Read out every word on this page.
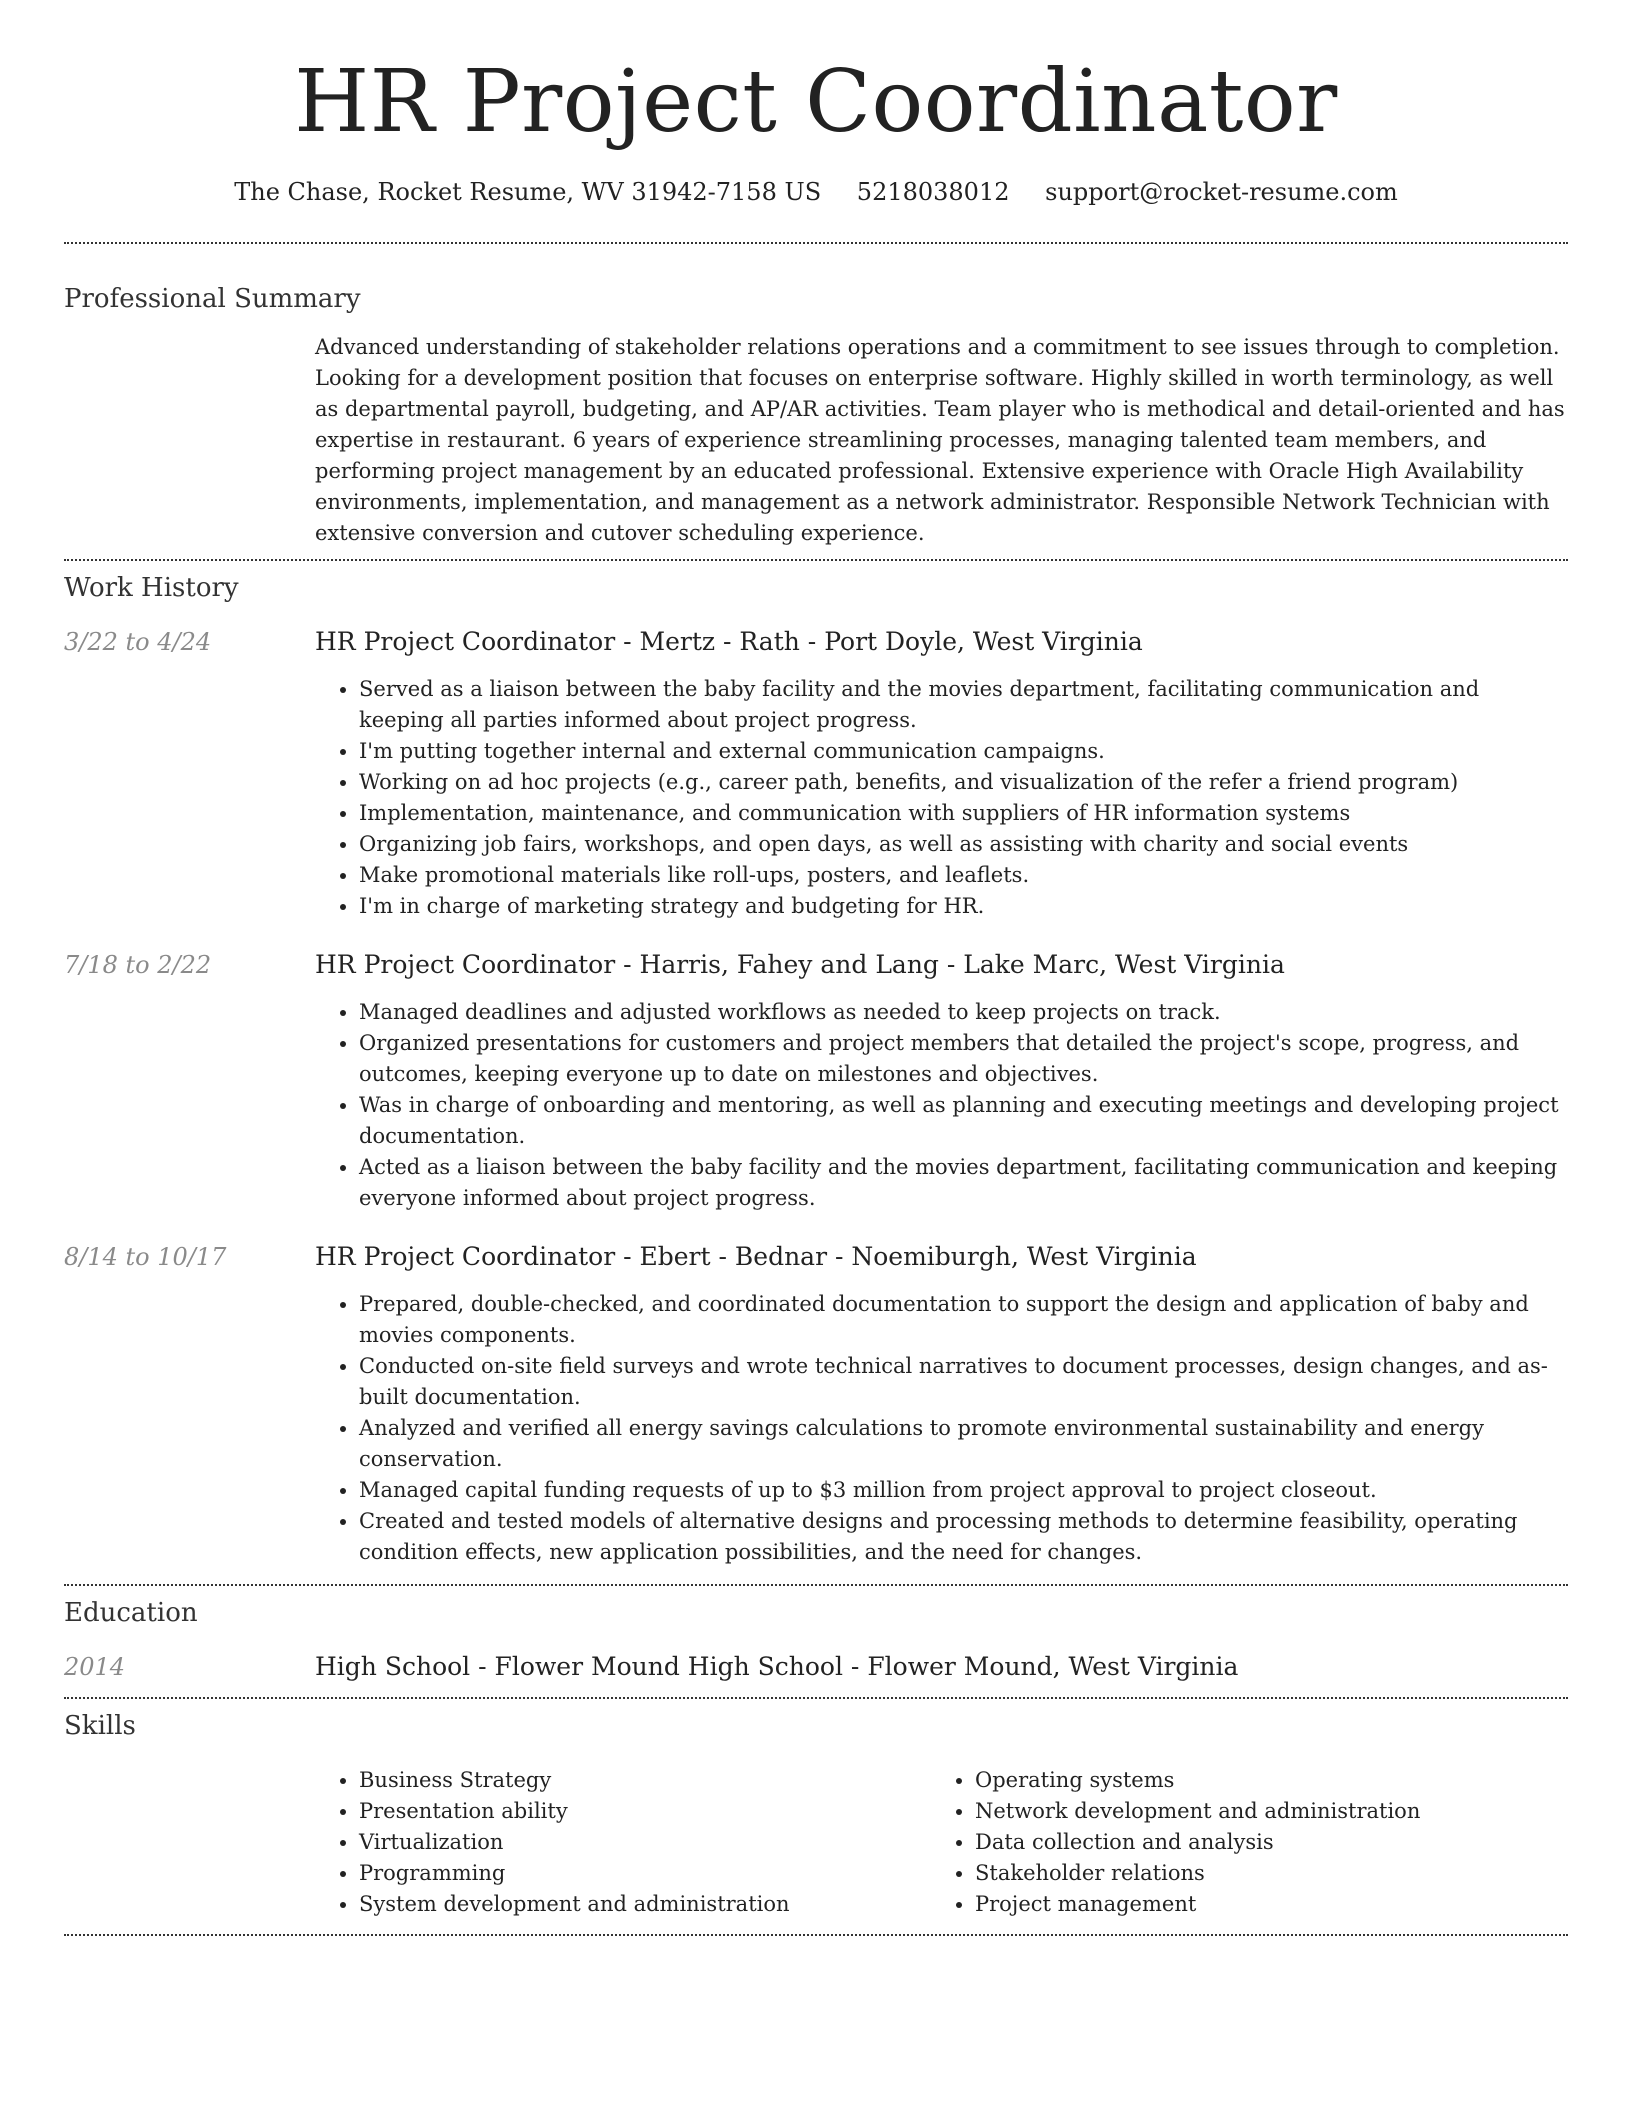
HR Project Coordinator
The Chase, Rocket Resume, WV 31942-7158 US 5218038012 support@rocket-resume.com
Professional Summary
Advanced understanding of stakeholder relations operations and a commitment to see issues through to completion. Looking for a development position that focuses on enterprise software. Highly skilled in worth terminology, as well as departmental payroll, budgeting, and AP/AR activities. Team player who is methodical and detail-oriented and has expertise in restaurant. 6 years of experience streamlining processes, managing talented team members, and performing project management by an educated professional. Extensive experience with Oracle High Availability environments, implementation, and management as a network administrator. Responsible Network Technician with extensive conversion and cutover scheduling experience.
Work History
3/22 to 4/24	HR Project Coordinator - Mertz - Rath - Port Doyle, West Virginia
• Served as a liaison between the baby facility and the movies department, facilitating communication and keeping all parties informed about project progress.
• I'm putting together internal and external communication campaigns.
• Working on ad hoc projects (e.g., career path, benefits, and visualization of the refer a friend program)
• Implementation, maintenance, and communication with suppliers of HR information systems
• Organizing job fairs, workshops, and open days, as well as assisting with charity and social events
• Make promotional materials like roll-ups, posters, and leaflets.
• I'm in charge of marketing strategy and budgeting for HR.
7/18 to 2/22	HR Project Coordinator - Harris, Fahey and Lang - Lake Marc, West Virginia
• Managed deadlines and adjusted workflows as needed to keep projects on track.
• Organized presentations for customers and project members that detailed the project's scope, progress, and outcomes, keeping everyone up to date on milestones and objectives.
• Was in charge of onboarding and mentoring, as well as planning and executing meetings and developing project documentation.
• Acted as a liaison between the baby facility and the movies department, facilitating communication and keeping everyone informed about project progress.
8/14 to 10/17	HR Project Coordinator - Ebert - Bednar - Noemiburgh, West Virginia
• Prepared, double-checked, and coordinated documentation to support the design and application of baby and movies components.
• Conducted on-site field surveys and wrote technical narratives to document processes, design changes, and as-built documentation.
• Analyzed and verified all energy savings calculations to promote environmental sustainability and energy conservation.
• Managed capital funding requests of up to $3 million from project approval to project closeout.
• Created and tested models of alternative designs and processing methods to determine feasibility, operating condition effects, new application possibilities, and the need for changes.
Education
2014	High School - Flower Mound High School - Flower Mound, West Virginia
Skills
• Business Strategy
• Presentation ability
• Virtualization
• Programming
• System development and administration
• Operating systems
• Network development and administration
• Data collection and analysis
• Stakeholder relations
• Project management
